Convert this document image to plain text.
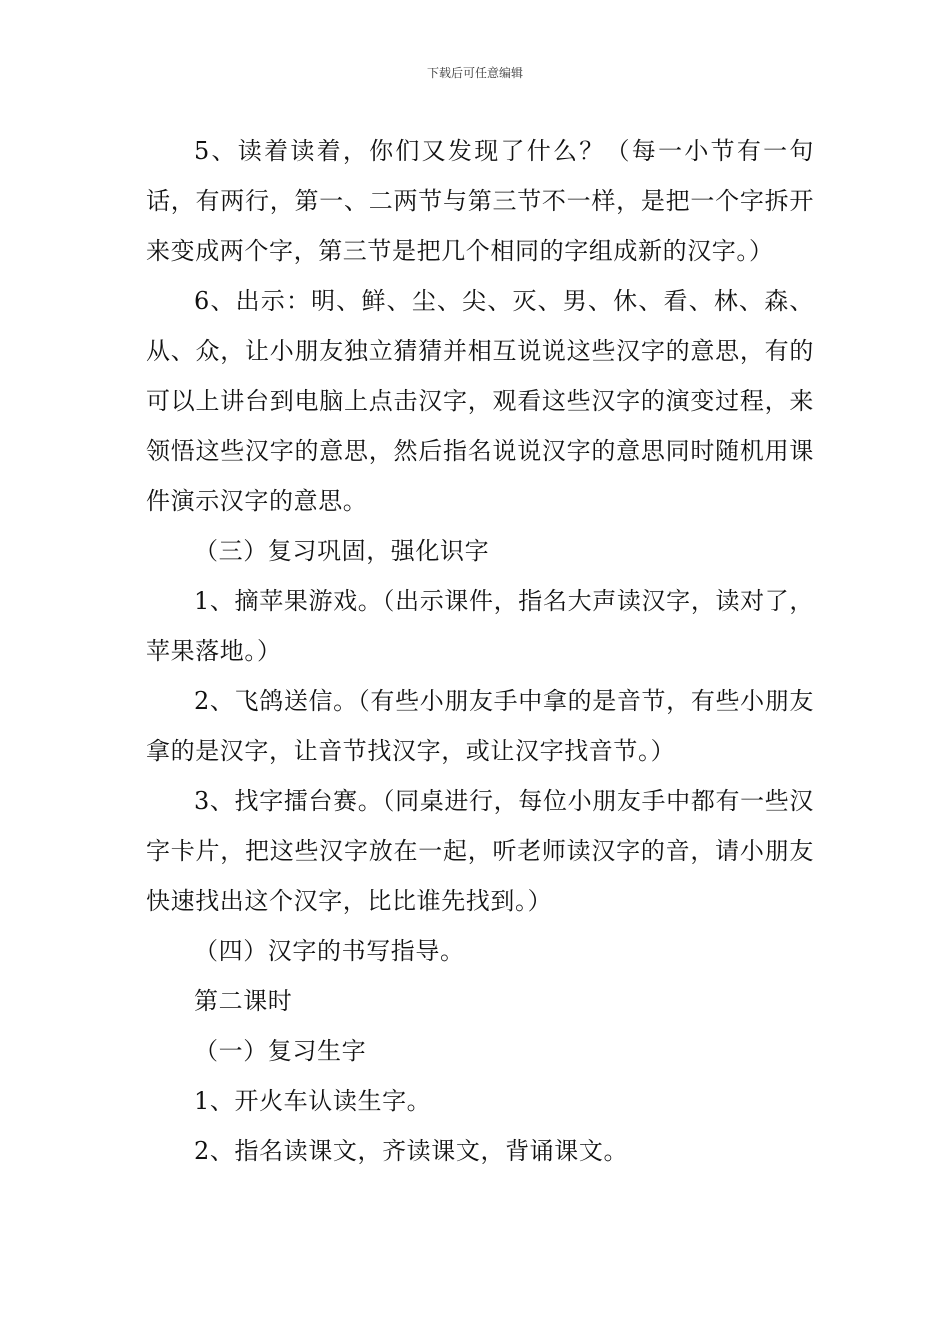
下载后可任意编辑

5、读着读着，你们又发现了什么？（每一小节有一句话，有两行，第一、二两节与第三节不一样，是把一个字拆开来变成两个字，第三节是把几个相同的字组成新的汉字。）

6、出示：明、鲜、尘、尖、灭、男、休、看、林、森、从、众，让小朋友独立猜猜并相互说说这些汉字的意思，有的可以上讲台到电脑上点击汉字，观看这些汉字的演变过程，来领悟这些汉字的意思，然后指名说说汉字的意思同时随机用课件演示汉字的意思。

（三）复习巩固，强化识字

1、摘苹果游戏。（出示课件，指名大声读汉字，读对了，苹果落地。）

2、飞鸽送信。（有些小朋友手中拿的是音节，有些小朋友拿的是汉字，让音节找汉字，或让汉字找音节。）

3、找字擂台赛。（同桌进行，每位小朋友手中都有一些汉字卡片，把这些汉字放在一起，听老师读汉字的音，请小朋友快速找出这个汉字，比比谁先找到。）

（四）汉字的书写指导。

第二课时

（一）复习生字

1、开火车认读生字。

2、指名读课文，齐读课文，背诵课文。
